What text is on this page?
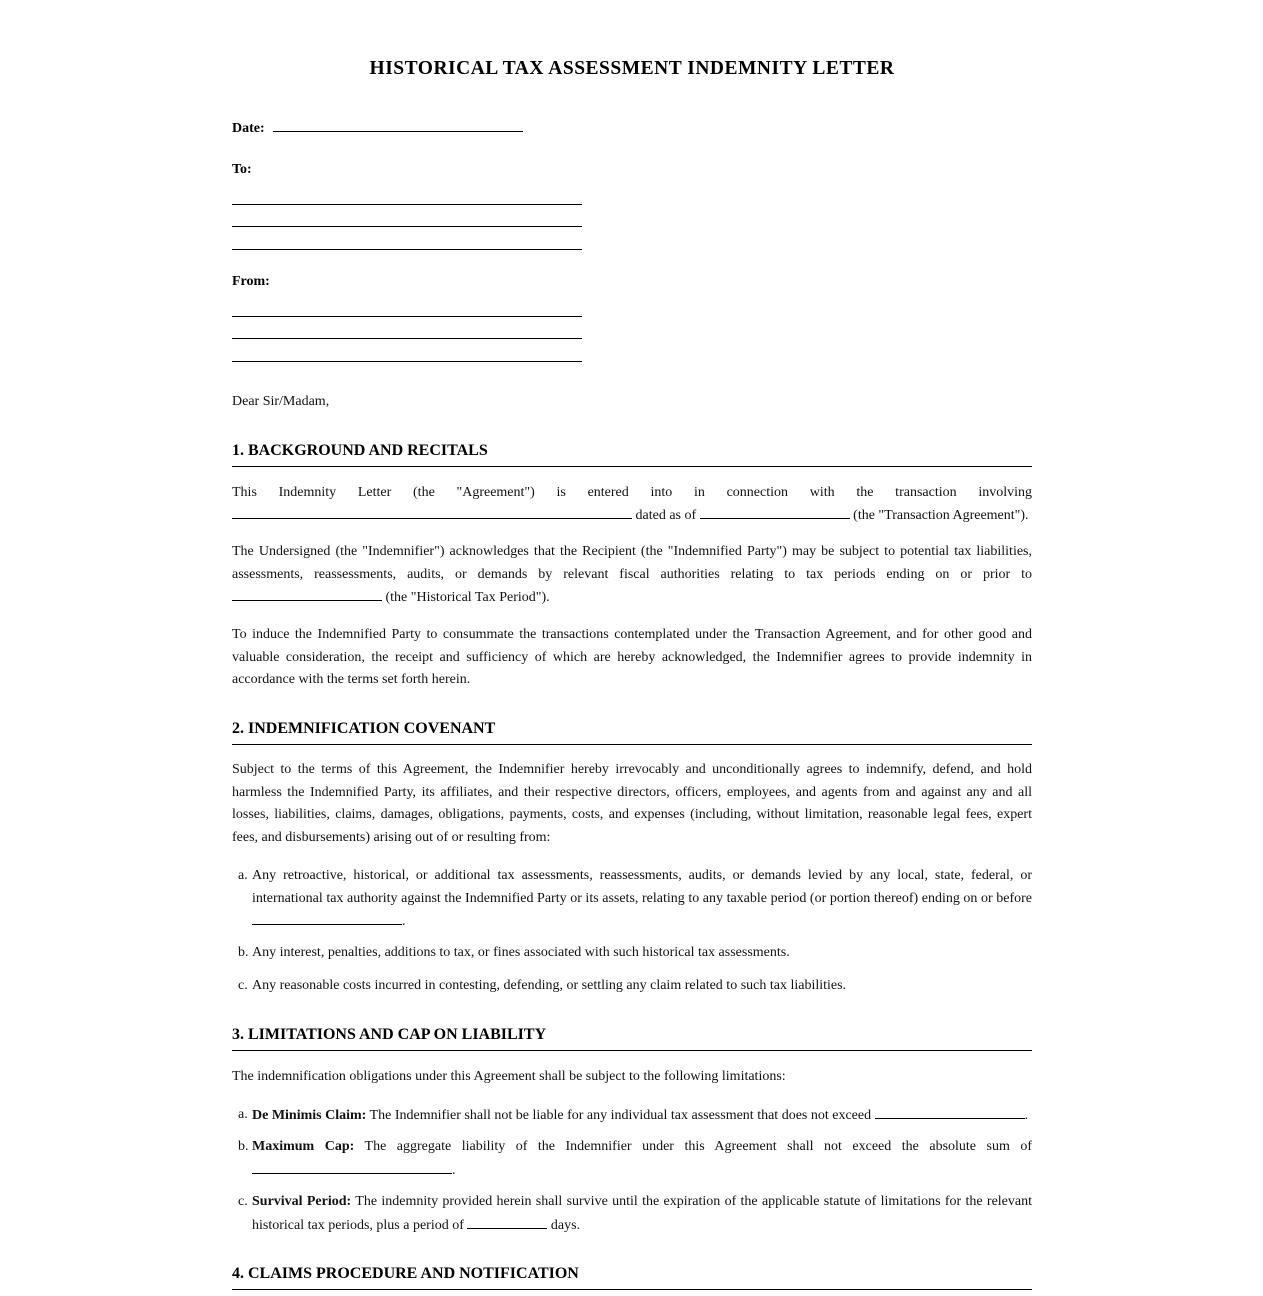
HISTORICAL TAX ASSESSMENT INDEMNITY LETTER
Date:
To:
From:
Dear Sir/Madam,
1. BACKGROUND AND RECITALS
This Indemnity Letter (the "Agreement") is entered into in connection with the transaction involving
dated as of	(the "Transaction Agreement").
The Undersigned (the "Indemnifier") acknowledges that the Recipient (the "Indemnified Party") may be subject to potential tax liabilities, assessments, reassessments, audits, or demands by relevant fiscal authorities relating to tax periods ending on or prior to  (the "Historical Tax Period").
To induce the Indemnified Party to consummate the transactions contemplated under the Transaction Agreement, and for other good and valuable consideration, the receipt and sufficiency of which are hereby acknowledged, the Indemnifier agrees to provide indemnity in accordance with the terms set forth herein.
2. INDEMNIFICATION COVENANT
Subject to the terms of this Agreement, the Indemnifier hereby irrevocably and unconditionally agrees to indemnify, defend, and hold harmless the Indemnified Party, its affiliates, and their respective directors, officers, employees, and agents from and against any and all losses, liabilities, claims, damages, obligations, payments, costs, and expenses (including, without limitation, reasonable legal fees, expert fees, and disbursements) arising out of or resulting from:
a. Any retroactive, historical, or additional tax assessments, reassessments, audits, or demands levied by any local, state, federal, or international tax authority against the Indemnified Party or its assets, relating to any taxable period (or portion thereof) ending on or before .
b. Any interest, penalties, additions to tax, or fines associated with such historical tax assessments.
c. Any reasonable costs incurred in contesting, defending, or settling any claim related to such tax liabilities.
3. LIMITATIONS AND CAP ON LIABILITY
The indemnification obligations under this Agreement shall be subject to the following limitations:
a. De Minimis Claim: The Indemnifier shall not be liable for any individual tax assessment that does not exceed	.
b. Maximum Cap: The aggregate liability of the Indemnifier under this Agreement shall not exceed the absolute sum of
.
c. Survival Period: The indemnity provided herein shall survive until the expiration of the applicable statute of limitations for the relevant historical tax periods, plus a period of	days.
4. CLAIMS PROCEDURE AND NOTIFICATION
